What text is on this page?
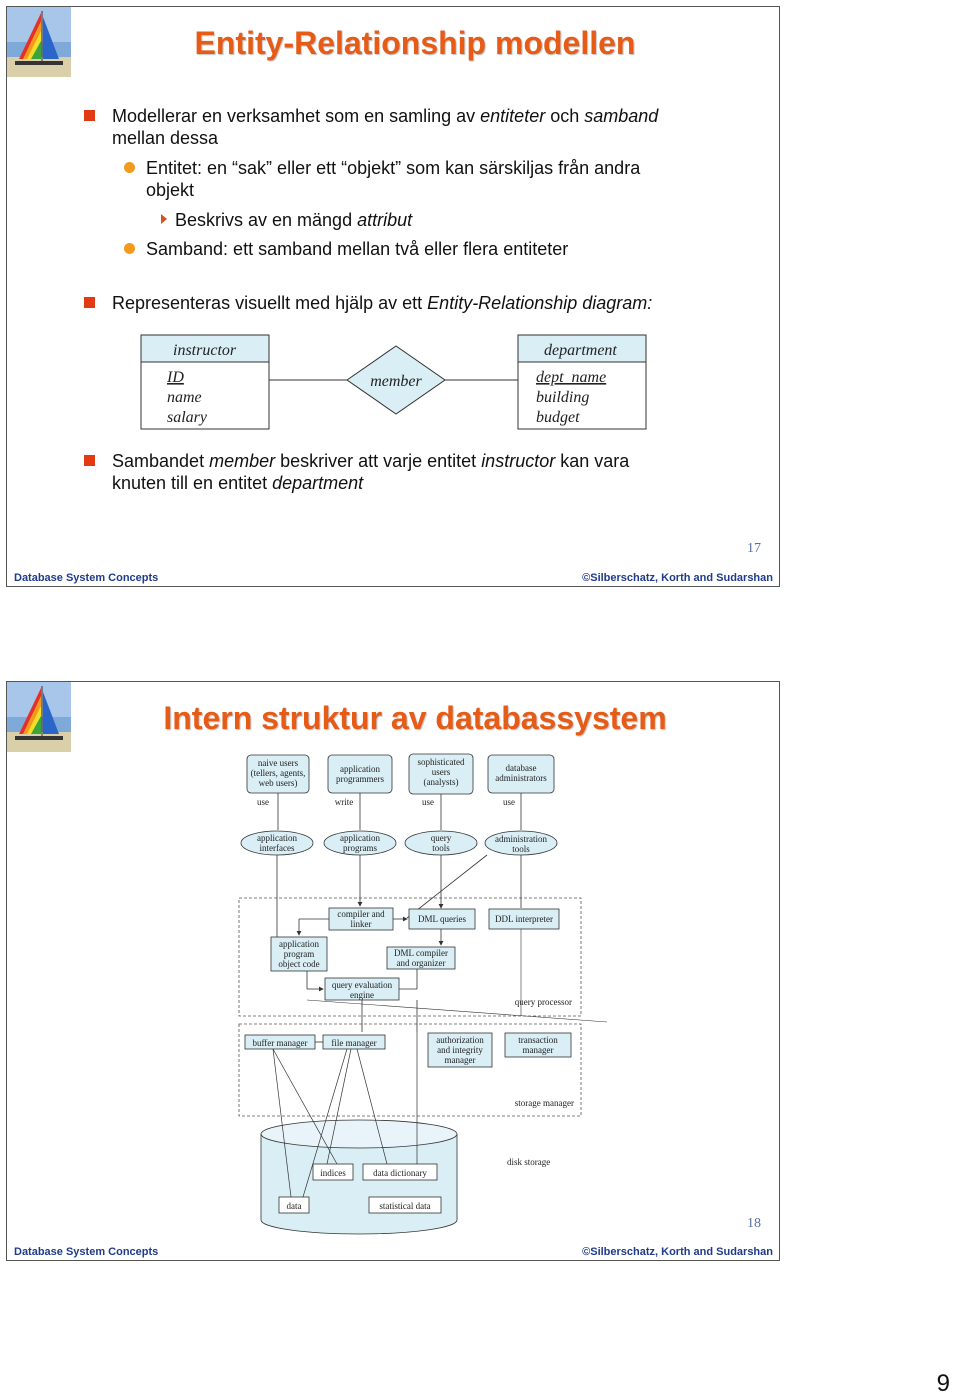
Entity-Relationship modellen
Modellerar en verksamhet som en samling av entiteter och samband
mellan dessa
Entitet: en “sak” eller ett “objekt” som kan särskiljas från andra
objekt
Beskrivs av en mängd attribut
Samband: ett samband mellan två eller flera entiteter
Representeras visuellt med hjälp av ett Entity-Relationship diagram:
instructor
ID
name
salary
member
department
dept_name
building
budget
Sambandet member beskriver att varje entitet instructor kan vara
knuten till en entitet department
17
Database System Concepts	©Silberschatz, Korth and Sudarshan
Intern struktur av databassystem
naive users
(tellers, agents,
web users)
application
programmers
sophisticated
users
(analysts)
database
administrators
use	write	use	use
application
interfaces
application
programs
query
tools
administration
tools
query processor
compiler and
linker	DML queries	DDL interpreter
application
program
object code
DML compiler
and organizer
query evaluation
engine
storage manager
buffer manager	file manager	authorization
and integrity
manager
transaction
manager
disk storage
indices	data dictionary
data	statistical data
18
Database System Concepts	©Silberschatz, Korth and Sudarshan
9
